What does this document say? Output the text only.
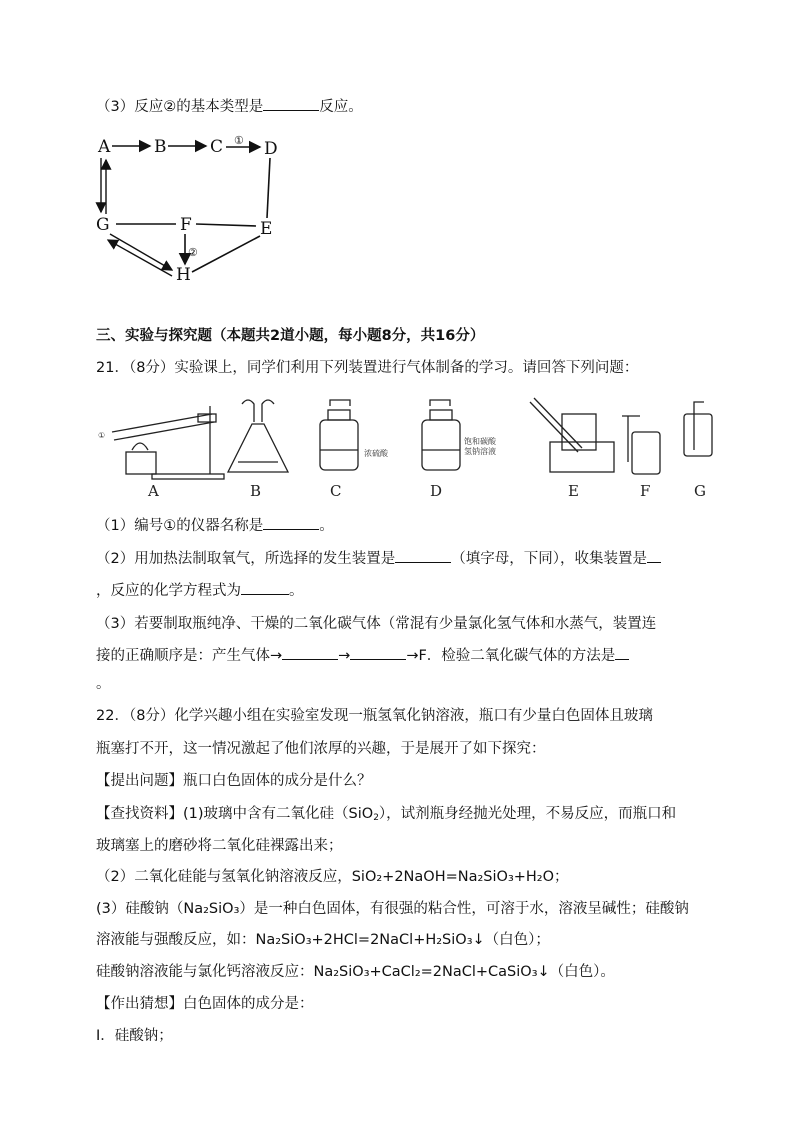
（3）反应②的基本类型是	反应。
A	B	C D
E
F
G
H
①
②
三、实验与探究题（本题共2道小题，每小题8分，共16分）
21．（8分）实验课上，同学们利用下列装置进行气体制备的学习。请回答下列问题：
①
浓硫酸
饱和碳酸
氢钠溶液
A	B	C	D	E	F	G
（1）编号①的仪器名称是	。
（2）用加热法制取氧气，所选择的发生装置是	（填字母，下同），收集装置是
，反应的化学方程式为	。
（3）若要制取瓶纯净、干燥的二氧化碳气体（常混有少量氯化氢气体和水蒸气，装置连
接的正确顺序是：产生气体→	→	→F．检验二氧化碳气体的方法是
。
22．（8分）化学兴趣小组在实验室发现一瓶氢氧化钠溶液，瓶口有少量白色固体且玻璃
瓶塞打不开，这一情况激起了他们浓厚的兴趣，于是展开了如下探究：
【提出问题】瓶口白色固体的成分是什么？
【查找资料】(1)玻璃中含有二氧化硅（SiO$_2$），试剂瓶身经抛光处理，不易反应，而瓶口和
玻璃塞上的磨砂将二氧化硅裸露出来；
（2）二氧化硅能与氢氧化钠溶液反应，SiO₂+2NaOH=Na₂SiO₃+H₂O；
(3）硅酸钠（Na₂SiO₃）是一种白色固体，有很强的粘合性，可溶于水，溶液呈碱性；硅酸钠
溶液能与强酸反应，如：Na₂SiO₃+2HCl=2NaCl+H₂SiO₃↓（白色）；
硅酸钠溶液能与氯化钙溶液反应：Na₂SiO₃+CaCl₂=2NaCl+CaSiO₃↓（白色）。
【作出猜想】白色固体的成分是：
Ⅰ．硅酸钠；
